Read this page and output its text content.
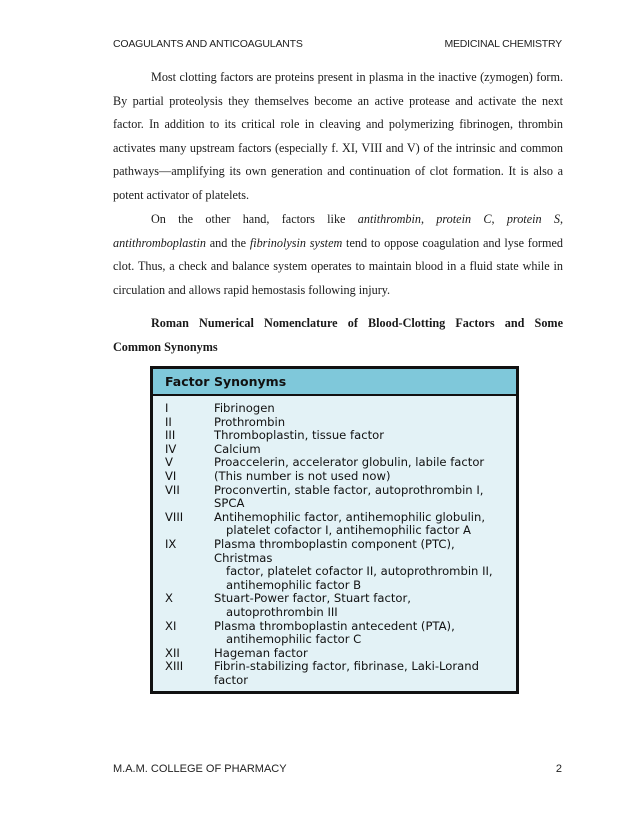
COAGULANTS AND ANTICOAGULANTS	MEDICINAL CHEMISTRY

Most clotting factors are proteins present in plasma in the inactive (zymogen) form. By partial proteolysis they themselves become an active protease and activate the next factor. In addition to its critical role in cleaving and polymerizing fibrinogen, thrombin activates many upstream factors (especially f. XI, VIII and V) of the intrinsic and common pathways—amplifying its own generation and continuation of clot formation. It is also a potent activator of platelets.

On the other hand, factors like antithrombin, protein C, protein S, antithromboplastin and the fibrinolysin system tend to oppose coagulation and lyse formed clot. Thus, a check and balance system operates to maintain blood in a fluid state while in circulation and allows rapid hemostasis following injury.

Roman Numerical Nomenclature of Blood-Clotting Factors and Some Common Synonyms

Factor Synonyms
I	Fibrinogen
II	Prothrombin
III	Thromboplastin, tissue factor
IV	Calcium
V	Proaccelerin, accelerator globulin, labile factor
VI	(This number is not used now)
VII	Proconvertin, stable factor, autoprothrombin I, SPCA
VIII	Antihemophilic factor, antihemophilic globulin,
platelet cofactor I, antihemophilic factor A
IX	Plasma thromboplastin component (PTC), Christmas
factor, platelet cofactor II, autoprothrombin II, antihemophilic factor B
X	Stuart-Power factor, Stuart factor,
autoprothrombin III
XI	Plasma thromboplastin antecedent (PTA),
antihemophilic factor C
XII	Hageman factor
XIII	Fibrin-stabilizing factor, fibrinase, Laki-Lorand factor
M.A.M. COLLEGE OF PHARMACY	2
